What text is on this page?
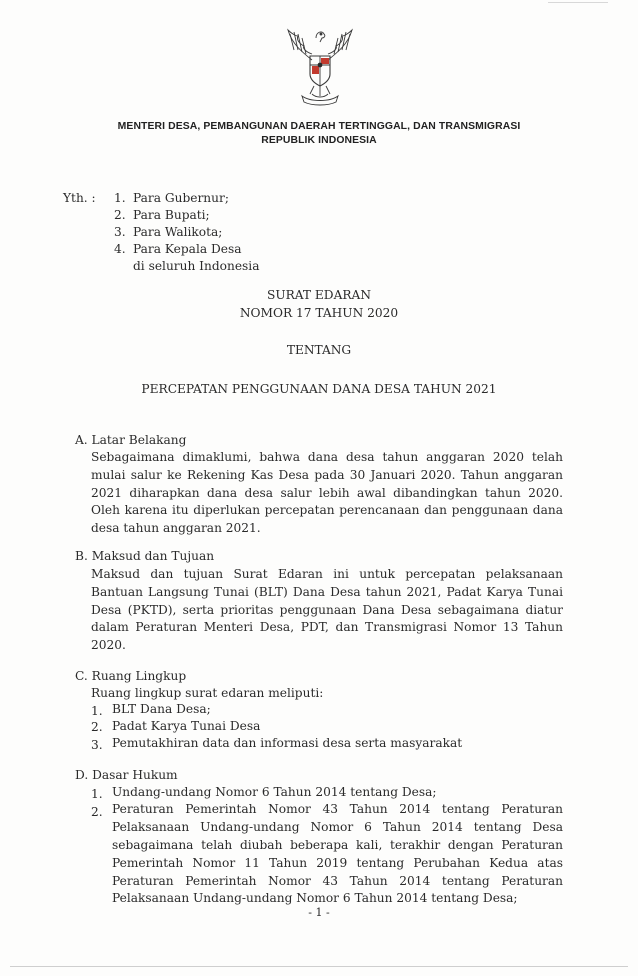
MENTERI DESA, PEMBANGUNAN DAERAH TERTINGGAL, DAN TRANSMIGRASI
REPUBLIK INDONESIA
Yth. : 1. Para Gubernur;
2. Para Bupati;
3. Para Walikota;
4. Para Kepala Desa
di seluruh Indonesia
SURAT EDARAN
NOMOR 17 TAHUN 2020
TENTANG
PERCEPATAN PENGGUNAAN DANA DESA TAHUN 2021
A. Latar Belakang
Sebagaimana dimaklumi, bahwa dana desa tahun anggaran 2020 telah
mulai salur ke Rekening Kas Desa pada 30 Januari 2020. Tahun anggaran
2021 diharapkan dana desa salur lebih awal dibandingkan tahun 2020.
Oleh karena itu diperlukan percepatan perencanaan dan penggunaan dana
desa tahun anggaran 2021.
B. Maksud dan Tujuan
Maksud dan tujuan Surat Edaran ini untuk percepatan pelaksanaan
Bantuan Langsung Tunai (BLT) Dana Desa tahun 2021, Padat Karya Tunai
Desa (PKTD), serta prioritas penggunaan Dana Desa sebagaimana diatur
dalam Peraturan Menteri Desa, PDT, dan Transmigrasi Nomor 13 Tahun
2020.
C. Ruang Lingkup
Ruang lingkup surat edaran meliputi:
1. BLT Dana Desa;
2. Padat Karya Tunai Desa
3. Pemutakhiran data dan informasi desa serta masyarakat
D. Dasar Hukum
1. Undang-undang Nomor 6 Tahun 2014 tentang Desa;
2. Peraturan Pemerintah Nomor 43 Tahun 2014 tentang Peraturan
Pelaksanaan Undang-undang Nomor 6 Tahun 2014 tentang Desa
sebagaimana telah diubah beberapa kali, terakhir dengan Peraturan
Pemerintah Nomor 11 Tahun 2019 tentang Perubahan Kedua atas
Peraturan Pemerintah Nomor 43 Tahun 2014 tentang Peraturan
Pelaksanaan Undang-undang Nomor 6 Tahun 2014 tentang Desa;
- 1 -
